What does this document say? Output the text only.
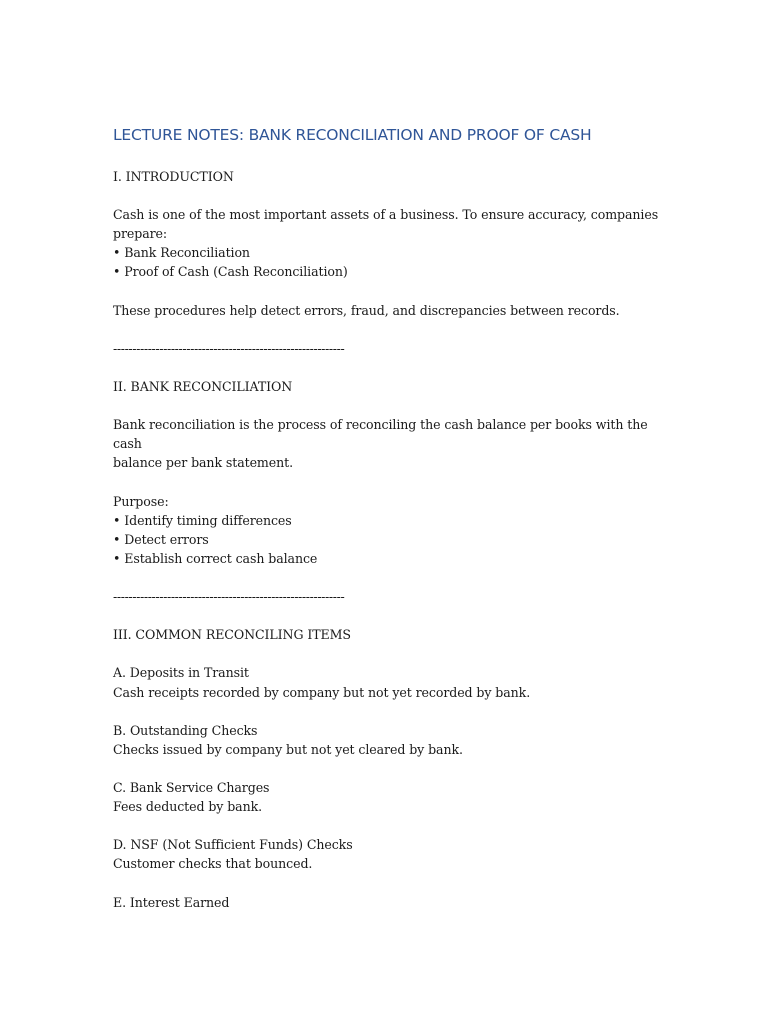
LECTURE NOTES: BANK RECONCILIATION AND PROOF OF CASH

I. INTRODUCTION

Cash is one of the most important assets of a business. To ensure accuracy, companies

prepare:

• Bank Reconciliation

• Proof of Cash (Cash Reconciliation)

These procedures help detect errors, fraud, and discrepancies between records.

------------------------------------------------------------

II. BANK RECONCILIATION

Bank reconciliation is the process of reconciling the cash balance per books with the cash

balance per bank statement.

Purpose:

• Identify timing differences

• Detect errors

• Establish correct cash balance

------------------------------------------------------------

III. COMMON RECONCILING ITEMS

A. Deposits in Transit

Cash receipts recorded by company but not yet recorded by bank.

B. Outstanding Checks

Checks issued by company but not yet cleared by bank.

C. Bank Service Charges

Fees deducted by bank.

D. NSF (Not Sufficient Funds) Checks

Customer checks that bounced.

E. Interest Earned
